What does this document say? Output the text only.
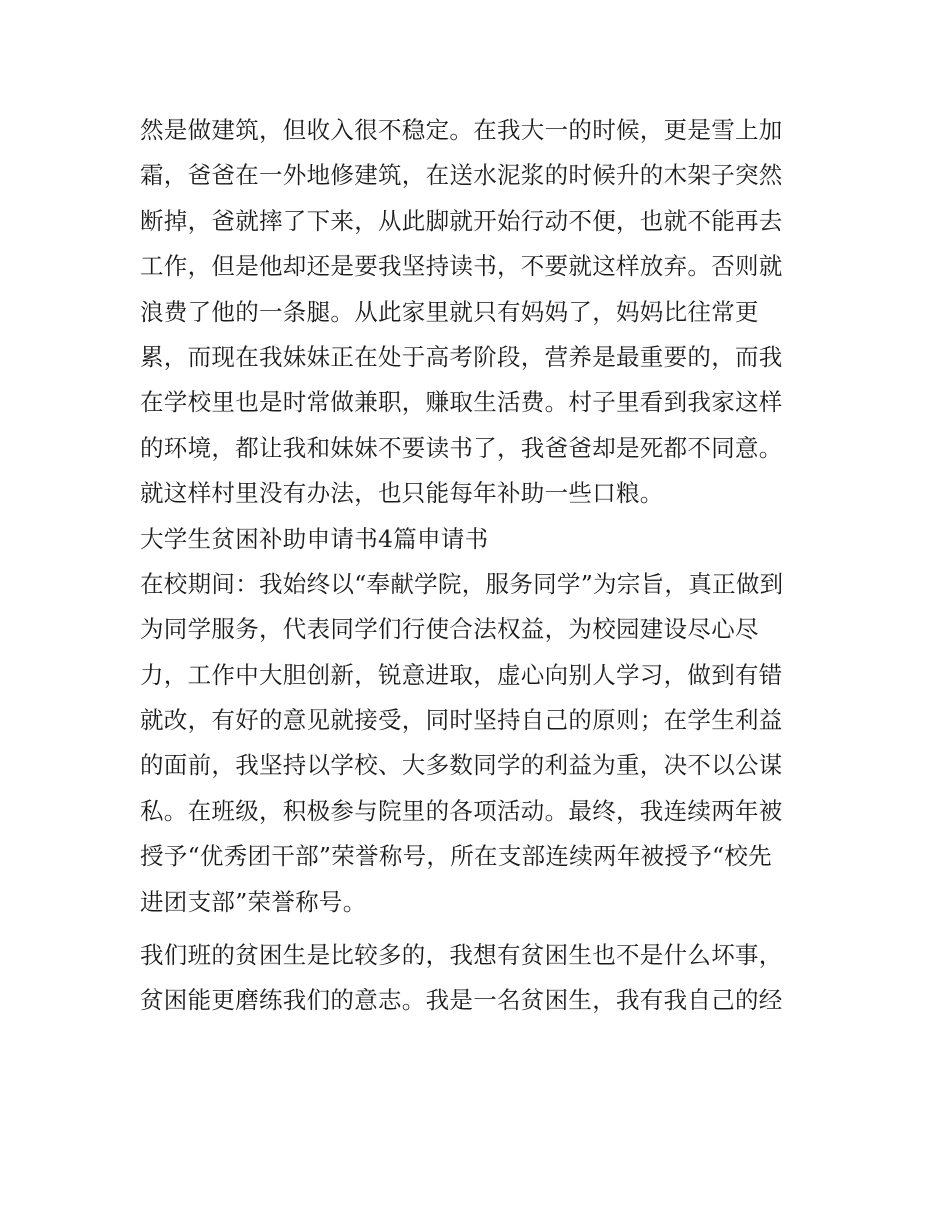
然是做建筑，但收入很不稳定。在我大一的时候，更是雪上加
霜，爸爸在一外地修建筑，在送水泥浆的时候升的木架子突然
断掉，爸就摔了下来，从此脚就开始行动不便，也就不能再去
工作，但是他却还是要我坚持读书，不要就这样放弃。否则就
浪费了他的一条腿。从此家里就只有妈妈了，妈妈比往常更
累，而现在我妹妹正在处于高考阶段，营养是最重要的，而我
在学校里也是时常做兼职，赚取生活费。村子里看到我家这样
的环境，都让我和妹妹不要读书了，我爸爸却是死都不同意。
就这样村里没有办法，也只能每年补助一些口粮。
大学生贫困补助申请书4篇申请书
在校期间：我始终以“奉献学院，服务同学”为宗旨，真正做到
为同学服务，代表同学们行使合法权益，为校园建设尽心尽
力，工作中大胆创新，锐意进取，虚心向别人学习，做到有错
就改，有好的意见就接受，同时坚持自己的原则；在学生利益
的面前，我坚持以学校、大多数同学的利益为重，决不以公谋
私。在班级，积极参与院里的各项活动。最终，我连续两年被
授予“优秀团干部”荣誉称号，所在支部连续两年被授予“校先
进团支部”荣誉称号。
我们班的贫困生是比较多的，我想有贫困生也不是什么坏事，
贫困能更磨练我们的意志。我是一名贫困生，我有我自己的经
